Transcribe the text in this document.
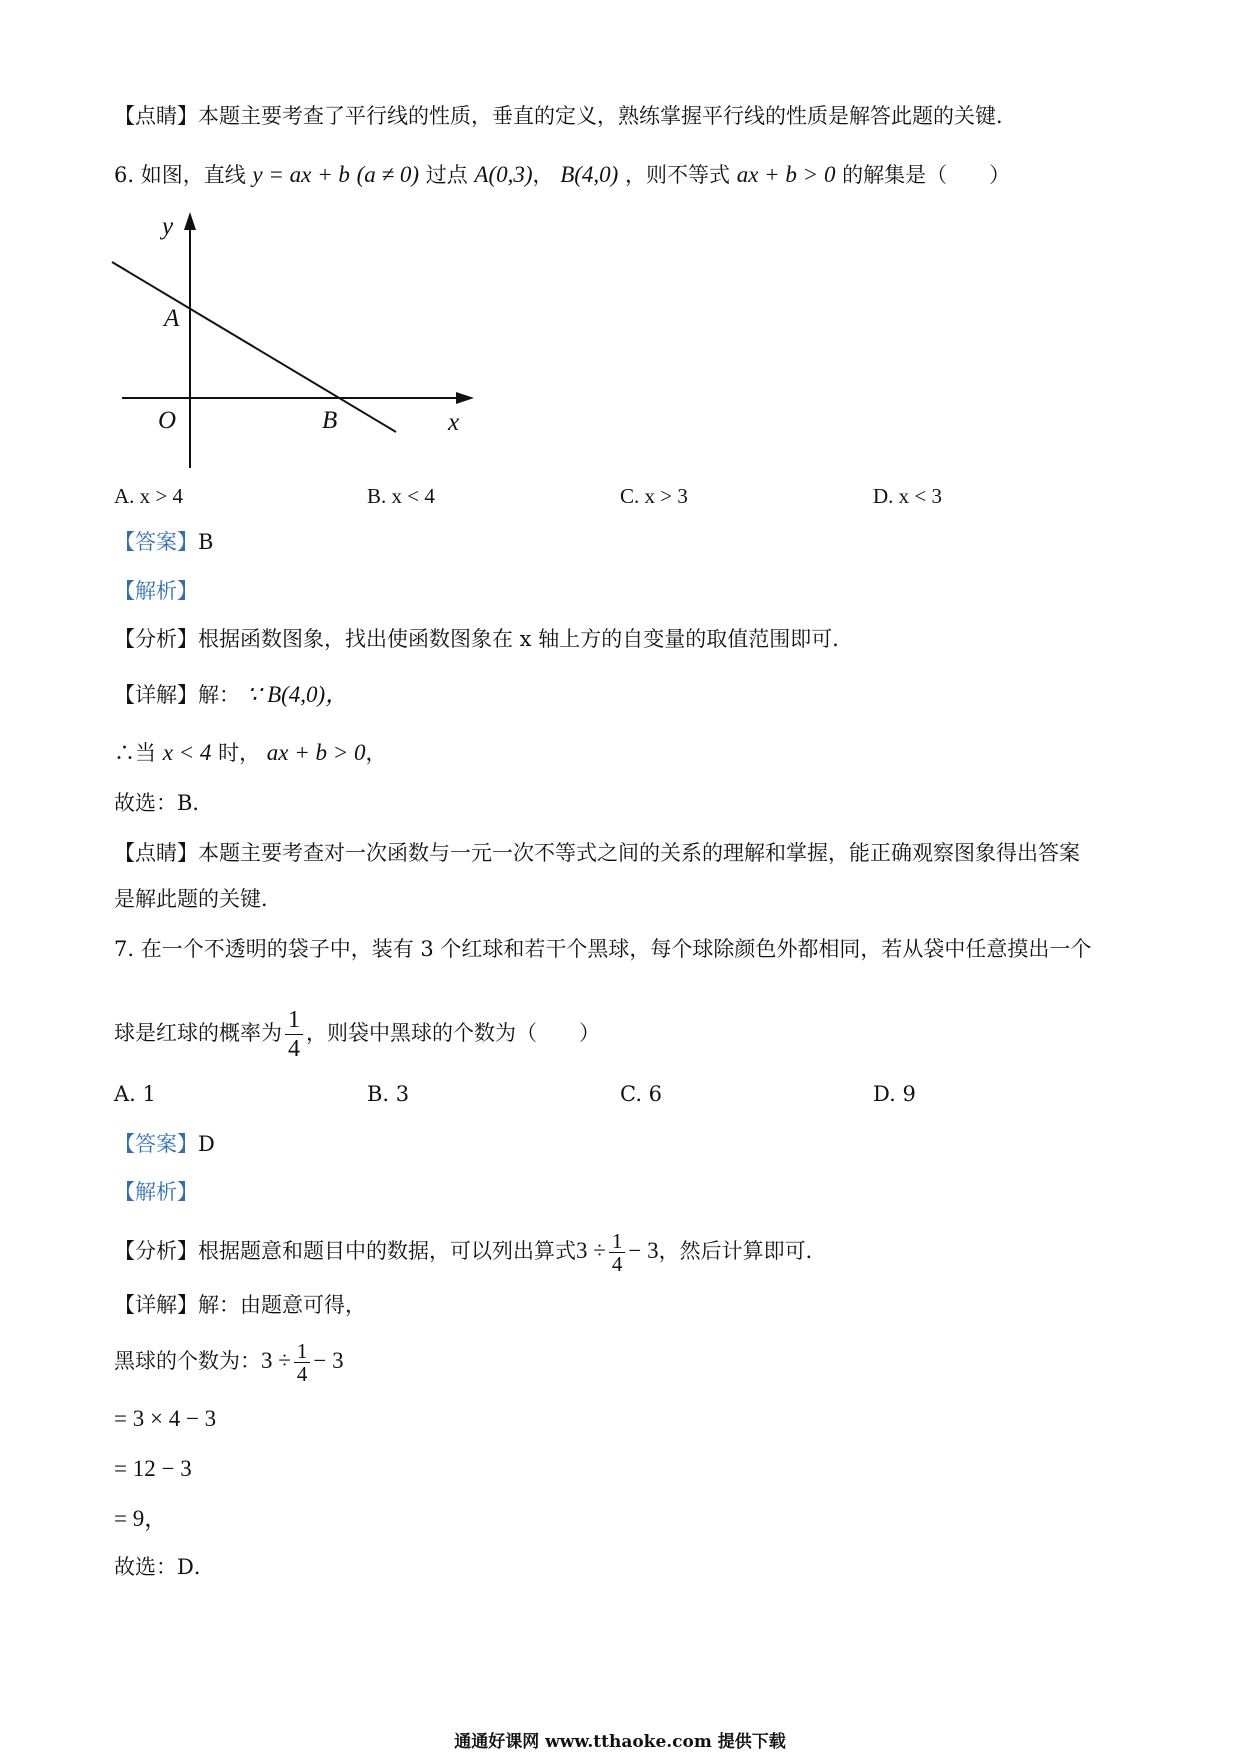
【点睛】本题主要考查了平行线的性质，垂直的定义，熟练掌握平行线的性质是解答此题的关键．
6. 如图，直线 y = ax + b (a ≠ 0) 过点 A(0,3)， B(4,0) ，则不等式 ax + b > 0 的解集是（　　）
y
A
O	B	x
A. x > 4	B. x < 4	C. x > 3	D. x < 3
【答案】B
【解析】
【分析】根据函数图象，找出使函数图象在 x 轴上方的自变量的取值范围即可．
【详解】解： ∵ B(4,0)，
∴当 x < 4 时， ax + b > 0，
故选：B．
【点睛】本题主要考查对一次函数与一元一次不等式之间的关系的理解和掌握，能正确观察图象得出答案
是解此题的关键．
7. 在一个不透明的袋子中，装有 3 个红球和若干个黑球，每个球除颜色外都相同，若从袋中任意摸出一个
球是红球的概率为 $\frac{1}{4}$ ，则袋中黑球的个数为（　　）
A. 1	B. 3	C. 6	D. 9
【答案】D
【解析】
【分析】根据题意和题目中的数据，可以列出算式$3 \div \frac{1}{4} - 3$，然后计算即可．
【详解】解：由题意可得，
黑球的个数为：$3 \div \frac{1}{4} - 3$
= 3 × 4 − 3
= 12 − 3
= 9，
故选：D．
通通好课网 www.tthaoke.com 提供下载
